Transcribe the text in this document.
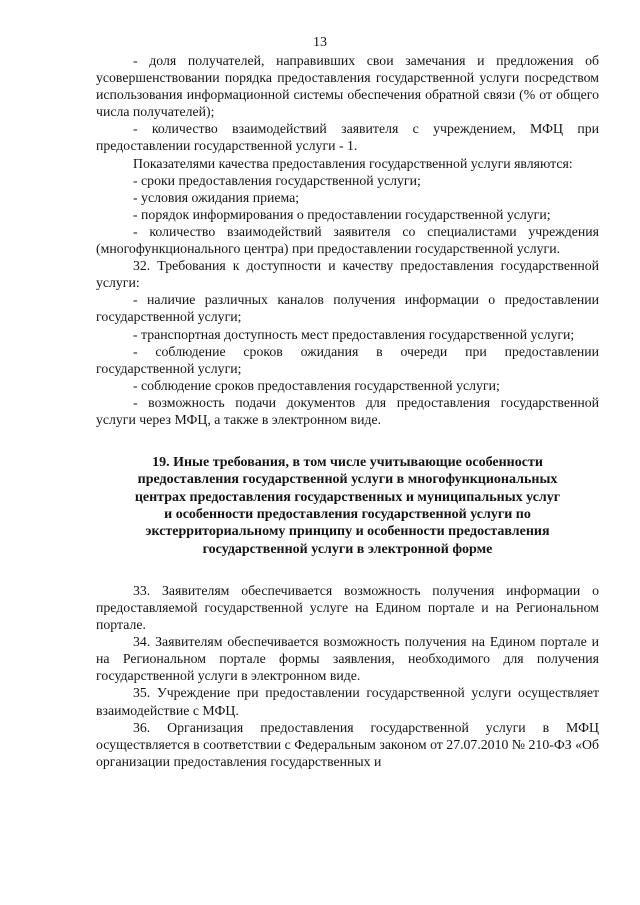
13

- доля получателей, направивших свои замечания и предложения об усовершенствовании порядка предоставления государственной услуги посредством использования информационной системы обеспечения обратной связи (% от общего числа получателей);

- количество взаимодействий заявителя с учреждением, МФЦ при предоставлении государственной услуги - 1.

Показателями качества предоставления государственной услуги являются:

- сроки предоставления государственной услуги;

- условия ожидания приема;

- порядок информирования о предоставлении государственной услуги;

- количество взаимодействий заявителя со специалистами учреждения (многофункционального центра) при предоставлении государственной услуги.

32. Требования к доступности и качеству предоставления государственной услуги:

- наличие различных каналов получения информации о предоставлении государственной услуги;

- транспортная доступность мест предоставления государственной услуги;

- соблюдение сроков ожидания в очереди при предоставлении государственной услуги;

- соблюдение сроков предоставления государственной услуги;

- возможность подачи документов для предоставления государственной услуги через МФЦ, а также в электронном виде.

19. Иные требования, в том числе учитывающие особенности
предоставления государственной услуги в многофункциональных
центрах предоставления государственных и муниципальных услуг
и особенности предоставления государственной услуги по
экстерриториальному принципу и особенности предоставления
государственной услуги в электронной форме

33. Заявителям обеспечивается возможность получения информации о предоставляемой государственной услуге на Едином портале и на Региональном портале.

34. Заявителям обеспечивается возможность получения на Едином портале и на Региональном портале формы заявления, необходимого для получения государственной услуги в электронном виде.

35. Учреждение при предоставлении государственной услуги осуществляет взаимодействие с МФЦ.

36. Организация предоставления государственной услуги в МФЦ осуществляется в соответствии с Федеральным законом от 27.07.2010 № 210-ФЗ «Об организации предоставления государственных и
